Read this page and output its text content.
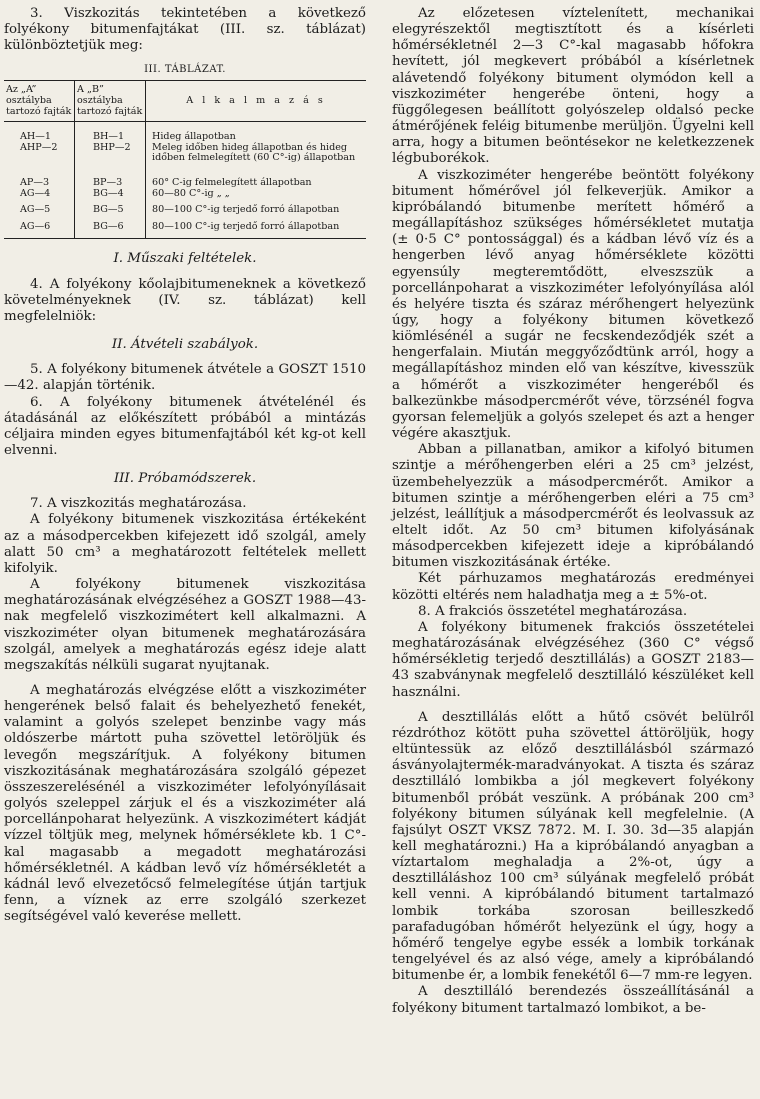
3. Viszkozitás tekintetében a következő folyékony bitumenfajtákat (III. sz. táblázat) különböztetjük meg:

III. TÁBLÁZAT.
Az „A” osztályba tartozó fajták	A „B” osztályba tartozó fajták	A l k a l m a z á s
AH—1	BH—1	Hideg állapotban
AHP—2	BHP—2	Meleg időben hideg állapotban és hideg időben felmelegített (60 C°-ig) állapotban
AP—3	BP—3	60° C-ig felmelegített állapotban
AG—4	BG—4	60—80 C°-ig „ „
AG—5	BG—5	80—100 C°-ig terjedő forró állapotban
AG—6	BG—6	80—100 C°-ig terjedő forró állapotban
I. Műszaki feltételek.

4. A folyékony kőolajbitumeneknek a következő követelményeknek (IV. sz. táblázat) kell megfelelniök:

II. Átvételi szabályok.

5. A folyékony bitumenek átvétele a GOSZT 1510—42. alapján történik.

6. A folyékony bitumenek átvételénél és átadásánál az előkészített próbából a mintázás céljaira minden egyes bitumenfajtából két kg-ot kell elvenni.

III. Próbamódszerek.

7. A viszkozitás meghatározása.

A folyékony bitumenek viszkozitása értékeként az a másodpercekben kifejezett idő szolgál, amely alatt 50 cm³ a meghatározott feltételek mellett kifolyik.

A folyékony bitumenek viszkozitása meghatározásának elvégzéséhez a GOSZT 1988—43-nak megfelelő viszkozimétert kell alkalmazni. A viszkoziméter olyan bitumenek meghatározására szolgál, amelyek a meghatározás egész ideje alatt megszakítás nélküli sugarat nyujtanak.

A meghatározás elvégzése előtt a viszkoziméter hengerének belső falait és behelyezhető fenekét, valamint a golyós szelepet benzinbe vagy más oldószerbe mártott puha szövettel letöröljük és levegőn megszárítjuk. A folyékony bitumen viszkozitásának meghatározására szolgáló gépezet összeszerelésénél a viszkoziméter lefolyónyílásait golyós szeleppel zárjuk el és a viszkoziméter alá porcellánpoharat helyezünk. A viszkozimétert kádját vízzel töltjük meg, melynek hőmérséklete kb. 1 C°-kal magasabb a megadott meghatározási hőmérsékletnél. A kádban levő víz hőmérsékletét a kádnál levő elvezetőcső felmelegítése útján tartjuk fenn, a víznek az erre szolgáló szerkezet segítségével való keverése mellett.

Az előzetesen víztelenített, mechanikai elegyrészektől megtisztított és a kísérleti hőmérsékletnél 2—3 C°-kal magasabb hőfokra hevített, jól megkevert próbából a kísérletnek alávetendő folyékony bitument olymódon kell a viszkoziméter hengerébe önteni, hogy a függőlegesen beállított golyószelep oldalsó pecke átmérőjének feléig bitumenbe merüljön. Ügyelni kell arra, hogy a bitumen beöntésekor ne keletkezzenek légbuborékok.

A viszkoziméter hengerébe beöntött folyékony bitument hőmérővel jól felkeverjük. Amikor a kipróbálandó bitumenbe merített hőmérő a megállapításhoz szükséges hőmérsékletet mutatja (± 0·5 C° pontossággal) és a kádban lévő víz és a hengerben lévő anyag hőmérséklete közötti egyensúly megteremtődött, elveszszük a porcellánpoharat a viszkoziméter lefolyónyílása alól és helyére tiszta és száraz mérőhengert helyezünk úgy, hogy a folyékony bitumen következő kiömlésénél a sugár ne fecskendeződjék szét a hengerfalain. Miután meggyőződtünk arról, hogy a megállapításhoz minden elő van készítve, kivesszük a hőmérőt a viszkoziméter hengeréből és balkezünkbe másodpercmérőt véve, törzsénél fogva gyorsan felemeljük a golyós szelepet és azt a henger végére akasztjuk.

Abban a pillanatban, amikor a kifolyó bitumen szintje a mérőhengerben eléri a 25 cm³ jelzést, üzembehelyezzük a másodpercmérőt. Amikor a bitumen szintje a mérőhengerben eléri a 75 cm³ jelzést, leállítjuk a másodpercmérőt és leolvassuk az eltelt időt. Az 50 cm³ bitumen kifolyásának másodpercekben kifejezett ideje a kipróbálandó bitumen viszkozitásának értéke.

Két párhuzamos meghatározás eredményei közötti eltérés nem haladhatja meg a ± 5%-ot.

8. A frakciós összetétel meghatározása.

A folyékony bitumenek frakciós összetételei meghatározásának elvégzéséhez (360 C° végső hőmérsékletig terjedő desztillálás) a GOSZT 2183—43 szabványnak megfelelő desztilláló készüléket kell használni.

A desztillálás előtt a hűtő csövét belülről rézdróthoz kötött puha szövettel áttöröljük, hogy eltüntessük az előző desztillálásból származó ásványolajtermék-maradványokat. A tiszta és száraz desztilláló lombikba a jól megkevert folyékony bitumenből próbát veszünk. A próbának 200 cm³ folyékony bitumen súlyának kell megfelelnie. (A fajsúlyt OSZT VKSZ 7872. M. I. 30. 3d—35 alapján kell meghatározni.) Ha a kipróbálandó anyagban a víztartalom meghaladja a 2%-ot, úgy a desztilláláshoz 100 cm³ súlyának megfelelő próbát kell venni. A kipróbálandó bitument tartalmazó lombik torkába szorosan beilleszkedő parafadugóban hőmérőt helyezünk el úgy, hogy a hőmérő tengelye egybe essék a lombik torkának tengelyével és az alsó vége, amely a kipróbálandó bitumenbe ér, a lombik fenekétől 6—7 mm-re legyen.

A desztilláló berendezés összeállításánál a folyékony bitument tartalmazó lombikot, a be-
